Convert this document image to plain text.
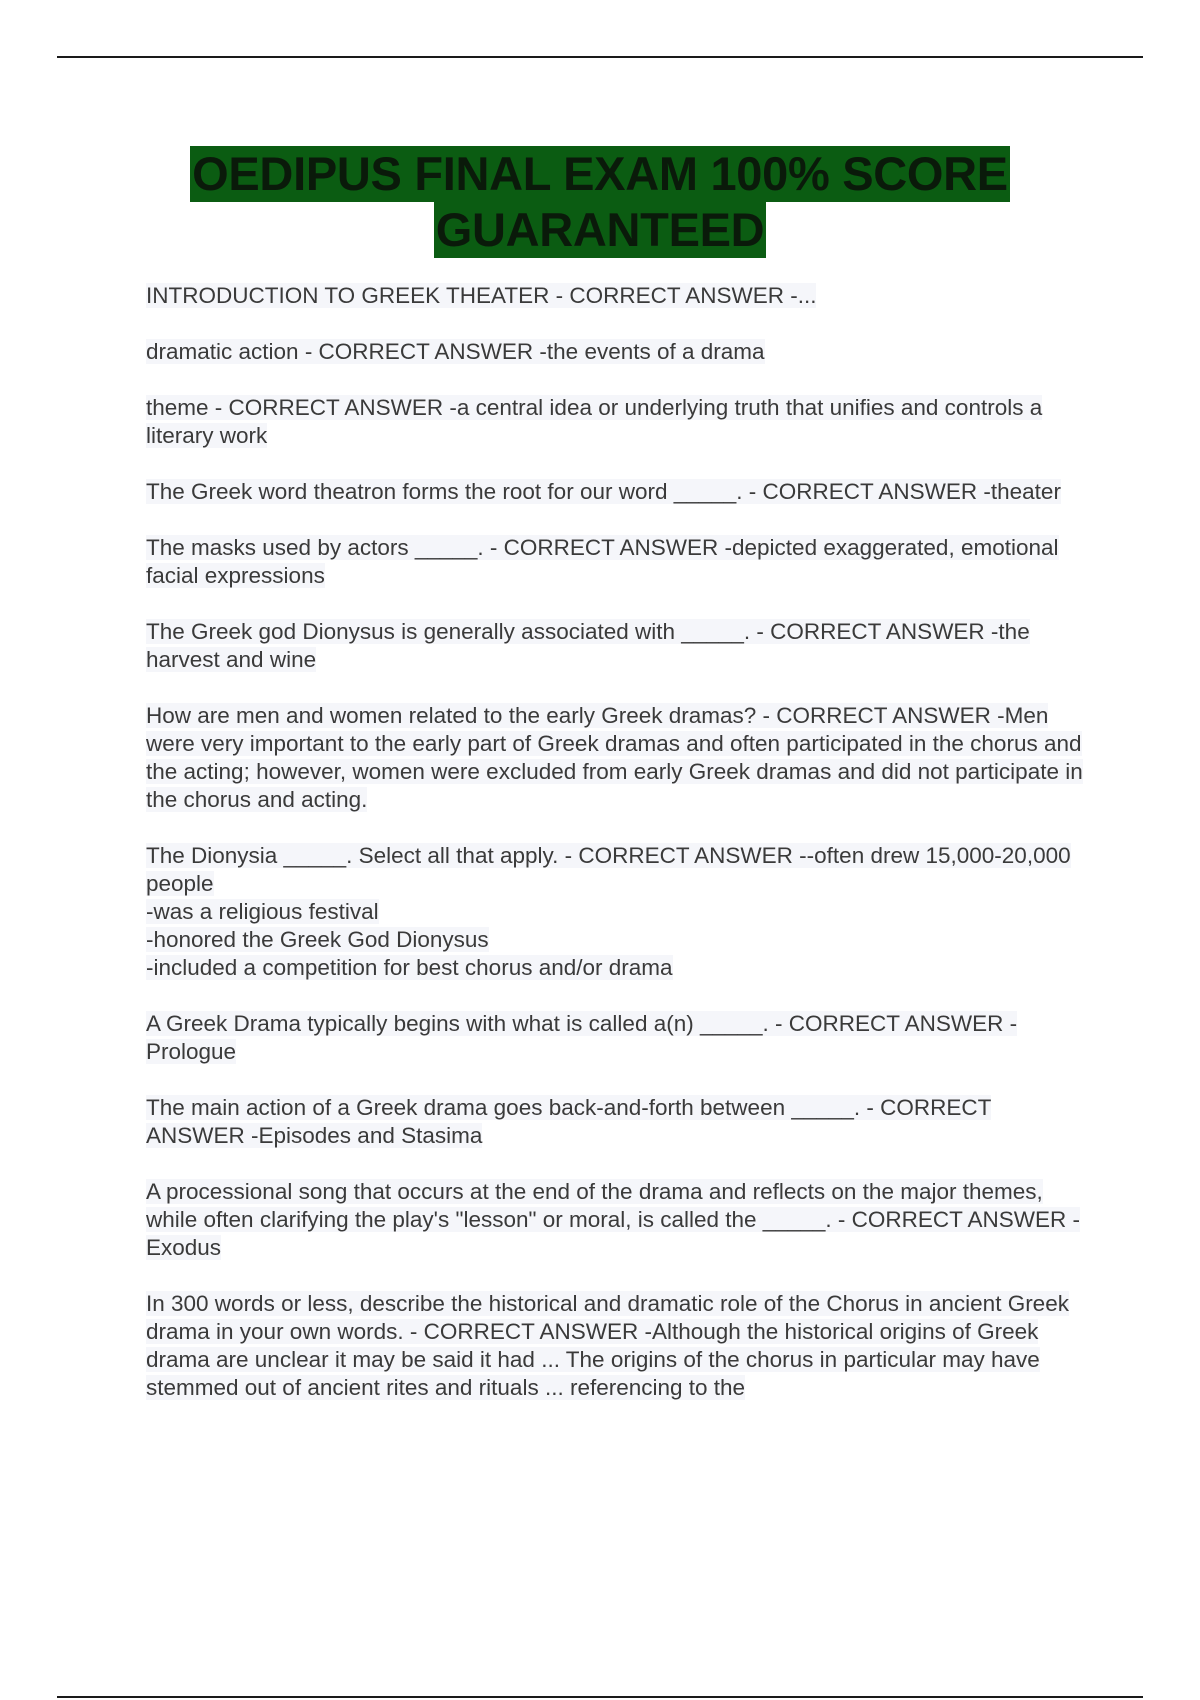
OEDIPUS FINAL EXAM 100% SCORE
GUARANTEED

INTRODUCTION TO GREEK THEATER - CORRECT ANSWER -...

dramatic action - CORRECT ANSWER -the events of a drama

theme - CORRECT ANSWER -a central idea or underlying truth that unifies and controls a literary work

The Greek word theatron forms the root for our word _____. - CORRECT ANSWER -theater

The masks used by actors _____. - CORRECT ANSWER -depicted exaggerated, emotional facial expressions

The Greek god Dionysus is generally associated with _____. - CORRECT ANSWER -the harvest and wine

How are men and women related to the early Greek dramas? - CORRECT ANSWER -Men were very important to the early part of Greek dramas and often participated in the chorus and the acting; however, women were excluded from early Greek dramas and did not participate in the chorus and acting.

The Dionysia _____. Select all that apply. - CORRECT ANSWER --often drew 15,000-20,000 people
-was a religious festival
-honored the Greek God Dionysus
-included a competition for best chorus and/or drama

A Greek Drama typically begins with what is called a(n) _____. - CORRECT ANSWER -Prologue

The main action of a Greek drama goes back-and-forth between _____. - CORRECT ANSWER -Episodes and Stasima

A processional song that occurs at the end of the drama and reflects on the major themes, while often clarifying the play's "lesson" or moral, is called the _____. - CORRECT ANSWER -Exodus

In 300 words or less, describe the historical and dramatic role of the Chorus in ancient Greek drama in your own words. - CORRECT ANSWER -Although the historical origins of Greek drama are unclear it may be said it had ... The origins of the chorus in particular may have stemmed out of ancient rites and rituals ... referencing to the
